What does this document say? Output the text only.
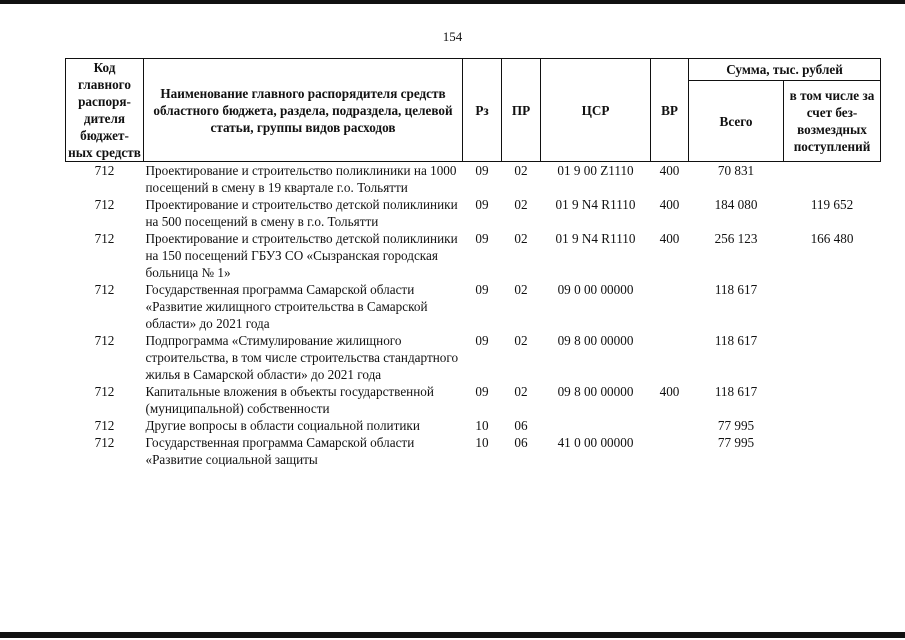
154
Код главного распоря-дителя бюджет-ных средств	Наименование главного распорядителя средств областного бюджета, раздела, подраздела, целевой статьи, группы видов расходов	Рз	ПР	ЦСР	ВР	Сумма, тыс. рублей	
						Всего	в том числе за счет без-возмездных поступлений
712	Проектирование и строительство поликлиники на 1000 посещений в смену в 19 квартале г.о. Тольятти	09	02	01 9 00 Z1110	400	70 831	
712	Проектирование и строительство детской поликлиники на 500 посещений в смену в г.о. Тольятти	09	02	01 9 N4 R1110	400	184 080	119 652
712	Проектирование и строительство детской поликлиники на 150 посещений ГБУЗ СО «Сызранская городская больница № 1»	09	02	01 9 N4 R1110	400	256 123	166 480
712	Государственная программа Самарской области «Развитие жилищного строительства в Самарской области» до 2021 года	09	02	09 0 00 00000		118 617	
712	Подпрограмма «Стимулирование жилищного строительства, в том числе строительства стандартного жилья в Самарской области» до 2021 года	09	02	09 8 00 00000		118 617	
712	Капитальные вложения в объекты государственной (муниципальной) собственности	09	02	09 8 00 00000	400	118 617	
712	Другие вопросы в области социальной политики	10	06			77 995	
712	Государственная программа Самарской области «Развитие социальной защиты	10	06	41 0 00 00000		77 995	
